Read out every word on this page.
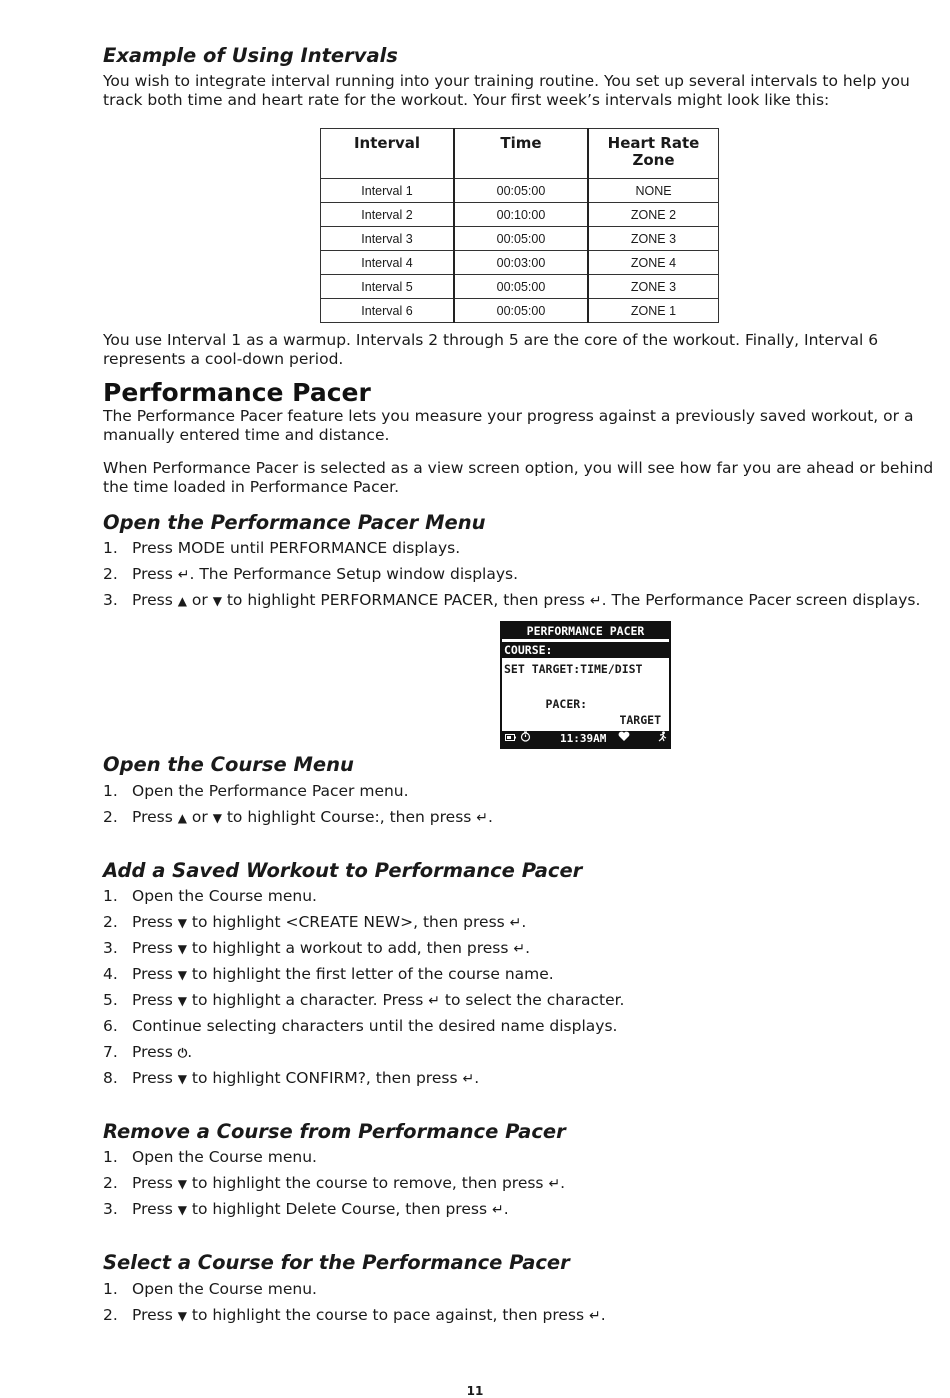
Example of Using Intervals

You wish to integrate interval running into your training routine. You set up several intervals to help you track both time and heart rate for the workout. Your first week’s intervals might look like this:

Interval	Time	Heart Rate Zone
Interval 1	00:05:00	NONE
Interval 2	00:10:00	ZONE 2
Interval 3	00:05:00	ZONE 3
Interval 4	00:03:00	ZONE 4
Interval 5	00:05:00	ZONE 3
Interval 6	00:05:00	ZONE 1

You use Interval 1 as a warmup. Intervals 2 through 5 are the core of the workout. Finally, Interval 6 represents a cool-down period.

Performance Pacer

The Performance Pacer feature lets you measure your progress against a previously saved workout, or a manually entered time and distance.

When Performance Pacer is selected as a view screen option, you will see how far you are ahead or behind the time loaded in Performance Pacer.

Open the Performance Pacer Menu
1. Press MODE until PERFORMANCE displays.
2. Press ↵. The Performance Setup window displays.
3. Press ▲ or ▼ to highlight PERFORMANCE PACER, then press ↵. The Performance Pacer screen displays.
PERFORMANCE PACER
COURSE:
SET TARGET:TIME/DIST

PACER:

TARGET

11:39AM
Open the Course Menu
1. Open the Performance Pacer menu.
2. Press ▲ or ▼ to highlight Course:, then press ↵.
Add a Saved Workout to Performance Pacer
1. Open the Course menu.
2. Press ▼ to highlight <CREATE NEW>, then press ↵.
3. Press ▼ to highlight a workout to add, then press ↵.
4. Press ▼ to highlight the first letter of the course name.
5. Press ▼ to highlight a character. Press ↵ to select the character.
6. Continue selecting characters until the desired name displays.
7. Press ⏻.
8. Press ▼ to highlight CONFIRM?, then press ↵.
Remove a Course from Performance Pacer
1. Open the Course menu.
2. Press ▼ to highlight the course to remove, then press ↵.
3. Press ▼ to highlight Delete Course, then press ↵.
Select a Course for the Performance Pacer
1. Open the Course menu.
2. Press ▼ to highlight the course to pace against, then press ↵.
11
